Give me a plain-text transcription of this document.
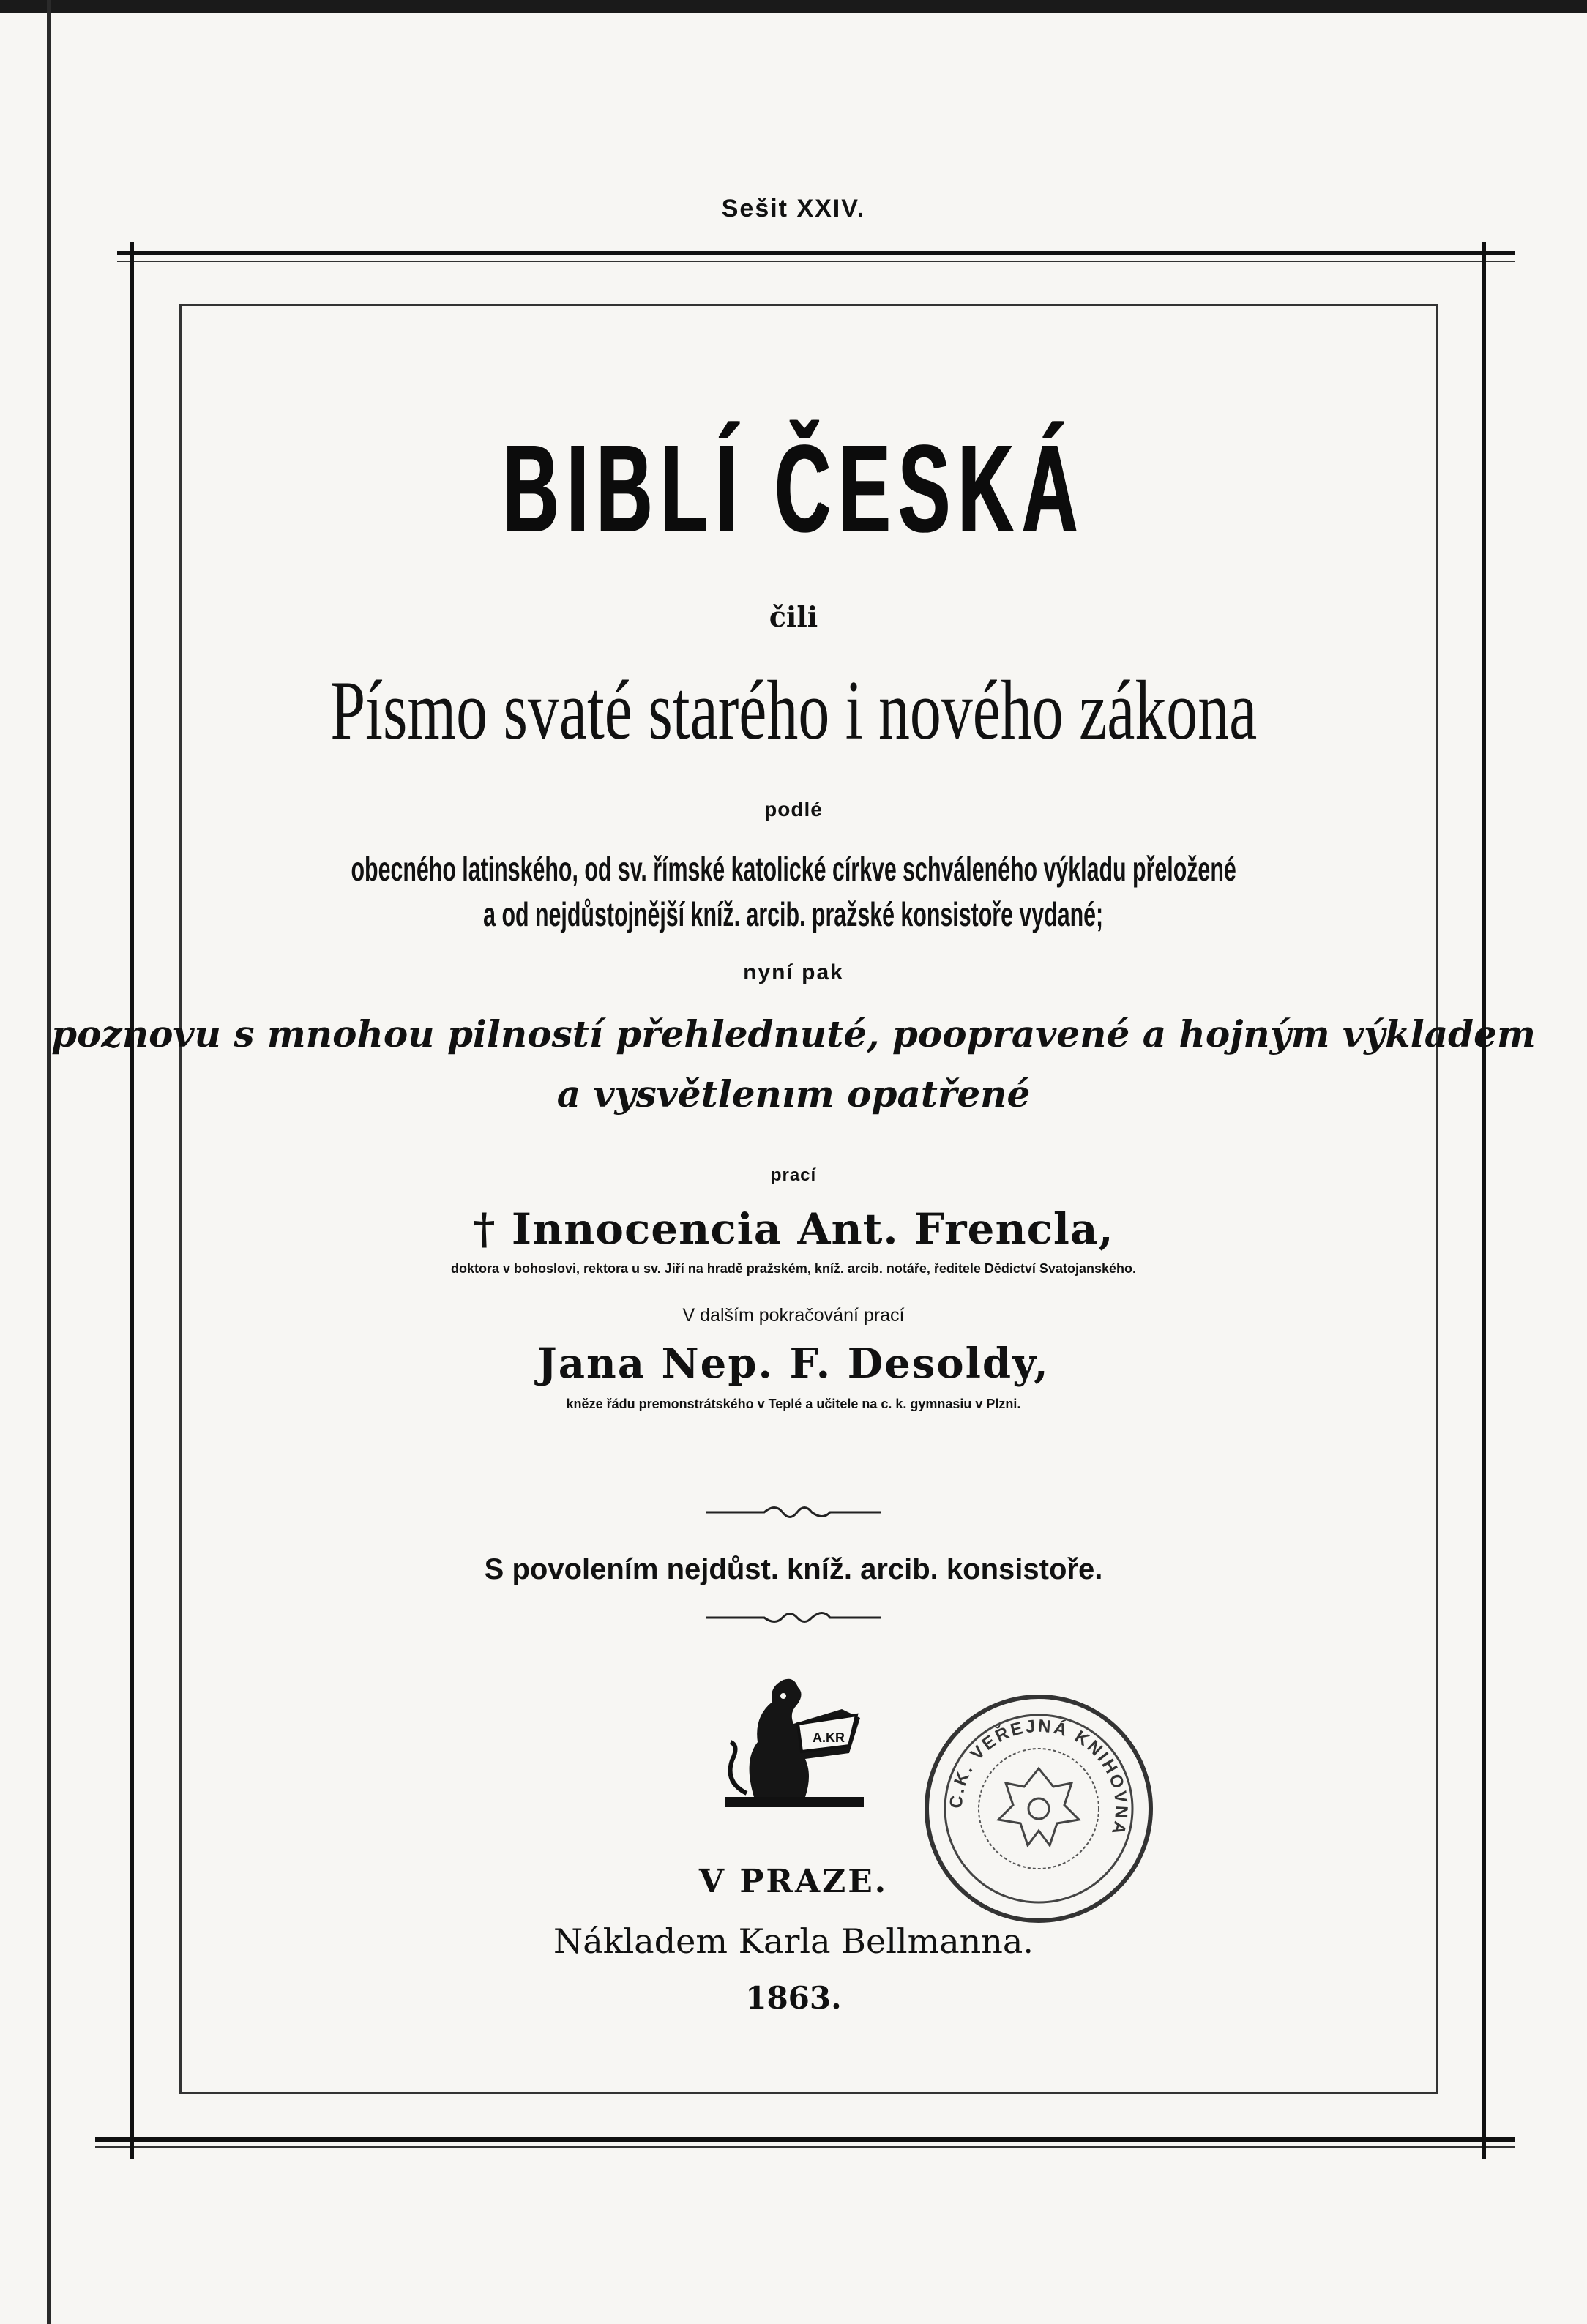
Sešit XXIV.
BIBLÍ ČESKÁ
čili
Písmo svaté starého i nového zákona
podlé
obecného latinského, od sv. římské katolické církve schváleného výkladu přeložené
a od nejdůstojnější kníž. arcib. pražské konsistoře vydané;
nyní pak
poznovu s mnohou pilností přehlednuté, poopravené a hojným výkladem
a vysvětlenım opatřené
prací
† Innocencia Ant. Frencla,
doktora v bohoslovi, rektora u sv. Jiří na hradě pražském, kníž. arcib. notáře, ředitele Dědictví Svatojanského.
V dalším pokračování prací
Jana Nep. F. Desoldy,
kněze řádu premonstrátského v Teplé a učitele na c. k. gymnasiu v Plzni.
S povolením nejdůst. kníž. arcib. konsistoře.
A.KR
C.K. VEŘEJNÁ KNIHOVNA
V PRAZE.
Nákladem Karla Bellmanna.
1863.
